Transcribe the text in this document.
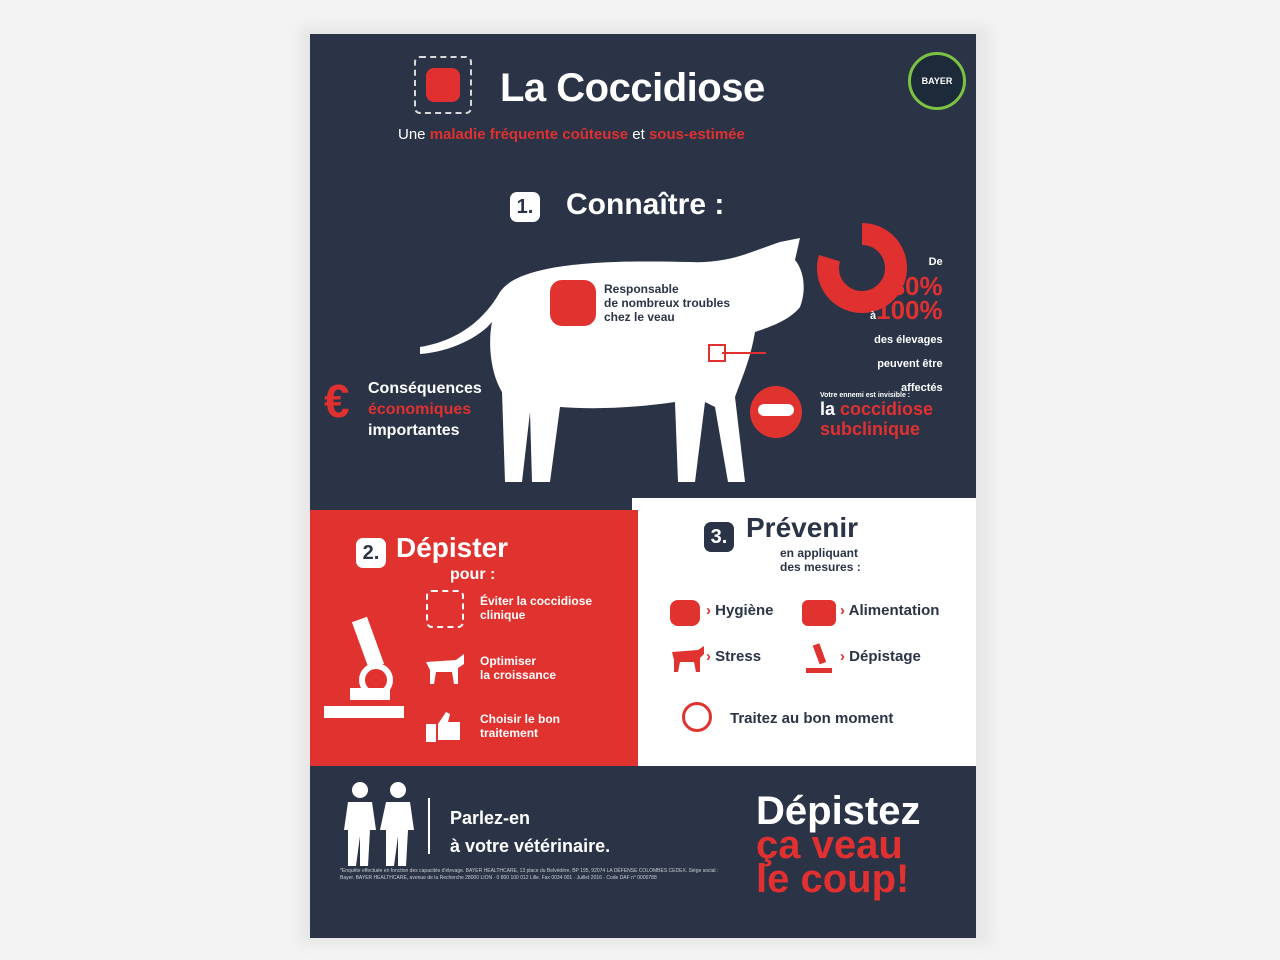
La Coccidiose	BAYER
Une maladie fréquente coûteuse et sous-estimée
1. Connaître :
Responsable
de nombreux troubles
chez le veau
De
80%
à100%
des élevages
peuvent être
affectés
€	Conséquences
économiques
importantes
Votre ennemi est invisible :
la coccidiose
subclinique
2. Dépister
pour :
Éviter la coccidiose
clinique
Optimiser
la croissance
Choisir le bon
traitement
3. Prévenir
en appliquant
des mesures :
› Hygiène	› Alimentation
› Stress	› Dépistage
Traitez au bon moment
Parlez-en
à votre vétérinaire.
Dépistez
ça veau
le coup!
*Enquête effectuée en fonction des capacités d'élevage. BAYER HEALTHCARE, 13 place du Belvédère, BP 195, 92074 LA DÉFENSE COLOMBES CEDEX. Siège social : Bayer. BAYER HEALTHCARE, avenue de la Recherche 28000 LION · 0 800 100 012 Lille. Fax 0034 001 · Juillet 2016 · Code DAF n° 0000788
